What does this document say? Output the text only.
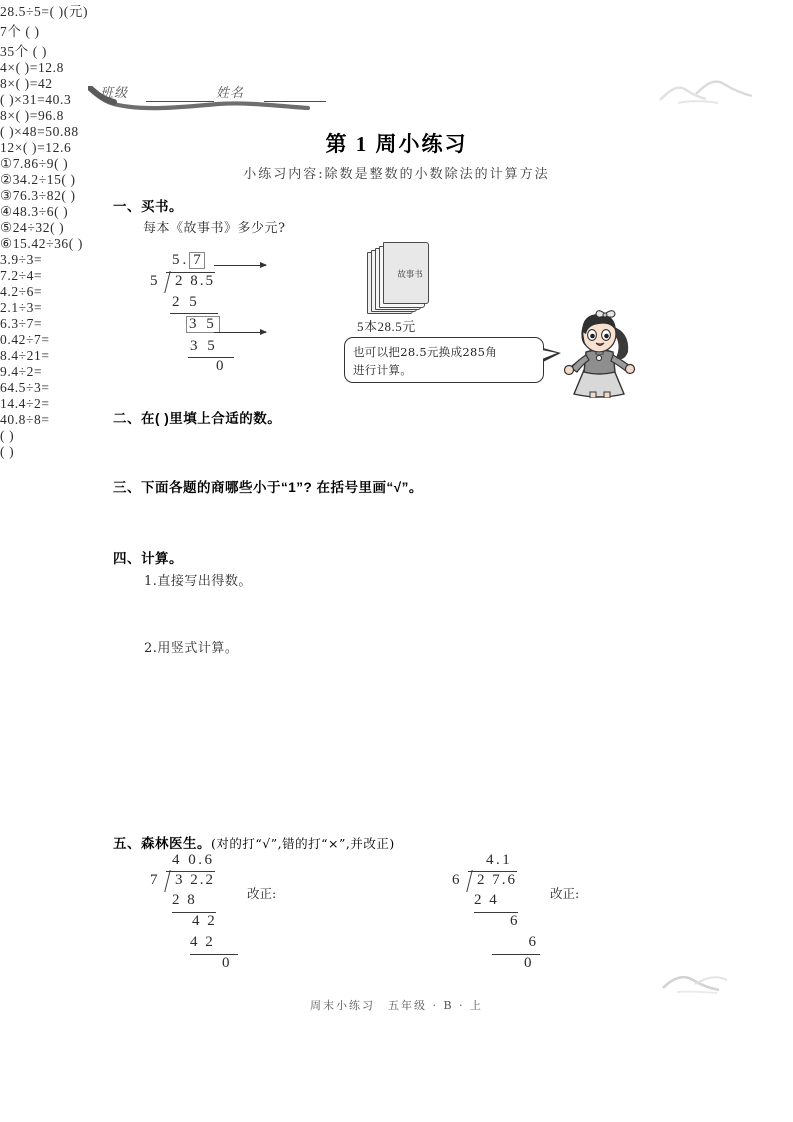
班级	姓名
第 1 周小练习
小练习内容:除数是整数的小数除法的计算方法
一、买书。
每本《故事书》多少元?
28.5÷5=( )(元)
5. 7
5 2 8.5
2 5
3 5
3 5
0
7个 ( )
35个 ( )
故事书
5本28.5元
也可以把28.5元换成285角
进行计算。
二、在( )里填上合适的数。
4×( )=12.8
8×( )=42
( )×31=40.3
8×( )=96.8
( )×48=50.88
12×( )=12.6
三、下面各题的商哪些小于“1”? 在括号里画“√”。
①7.86÷9( )
②34.2÷15( )
③76.3÷82( )
④48.3÷6( )
⑤24÷32( )
⑥15.42÷36( )
四、计算。
1.直接写出得数。
3.9÷3=
7.2÷4=
4.2÷6=
2.1÷3=
6.3÷7=
0.42÷7=
8.4÷21=
9.4÷2=
2.用竖式计算。
64.5÷3=
14.4÷2=
40.8÷8=
五、森林医生。(对的打“√”,错的打“×”,并改正)
4 0.6
7 3 2.2
2 8
4 2
4 2
0
改正:
( )
4.1
6 2 7.6
2 4
6
6
0
改正:
( )
周末小练习　五年级 · B · 上
